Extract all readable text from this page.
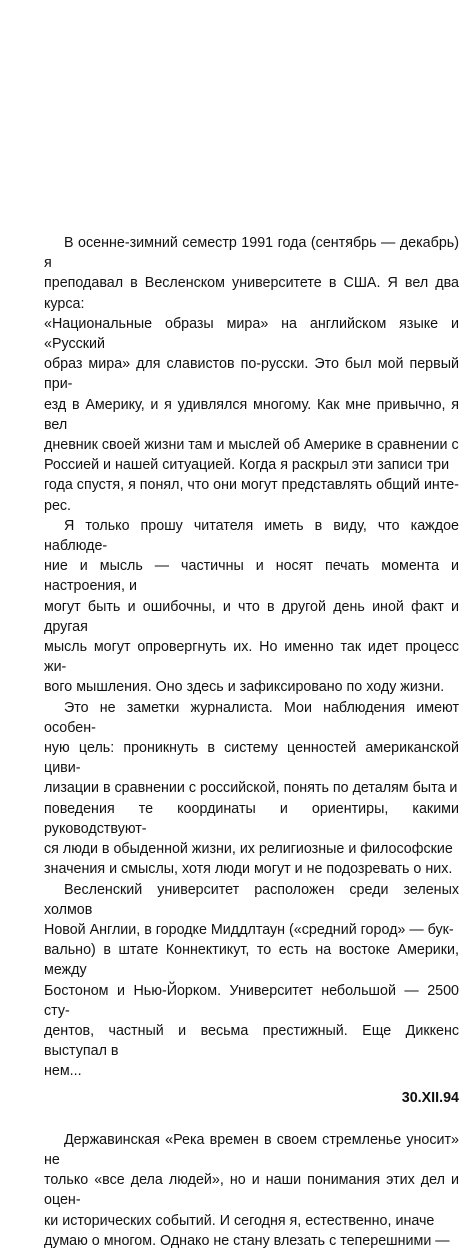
В осенне-зимний семестр 1991 года (сентябрь — декабрь) я
преподавал в Весленском университете в США. Я вел два курса:
«Национальные образы мира» на английском языке и «Русский
образ мира» для славистов по-русски. Это был мой первый при-
езд в Америку, и я удивлялся многому. Как мне привычно, я вел
дневник своей жизни там и мыслей об Америке в сравнении с
Россией и нашей ситуацией. Когда я раскрыл эти записи три
года спустя, я понял, что они могут представлять общий инте-
рес.

Я только прошу читателя иметь в виду, что каждое наблюде-
ние и мысль — частичны и носят печать момента и настроения, и
могут быть и ошибочны, и что в другой день иной факт и другая
мысль могут опровергнуть их. Но именно так идет процесс жи-
вого мышления. Оно здесь и зафиксировано по ходу жизни.

Это не заметки журналиста. Мои наблюдения имеют особен-
ную цель: проникнуть в систему ценностей американской циви-
лизации в сравнении с российской, понять по деталям быта и
поведения те координаты и ориентиры, какими руководствуют-
ся люди в обыденной жизни, их религиозные и философские
значения и смыслы, хотя люди могут и не подозревать о них.

Весленский университет расположен среди зеленых холмов
Новой Англии, в городке Миддлтаун («средний город» — бук-
вально) в штате Коннектикут, то есть на востоке Америки, между
Бостоном и Нью-Йорком. Университет небольшой — 2500 сту-
дентов, частный и весьма престижный. Еще Диккенс выступал в
нем...

30.XII.94

Державинская «Река времен в своем стремленье уносит» не
только «все дела людей», но и наши понимания этих дел и оцен-
ки исторических событий. И сегодня я, естественно, иначе
думаю о многом. Однако не стану влезать с теперешними —
